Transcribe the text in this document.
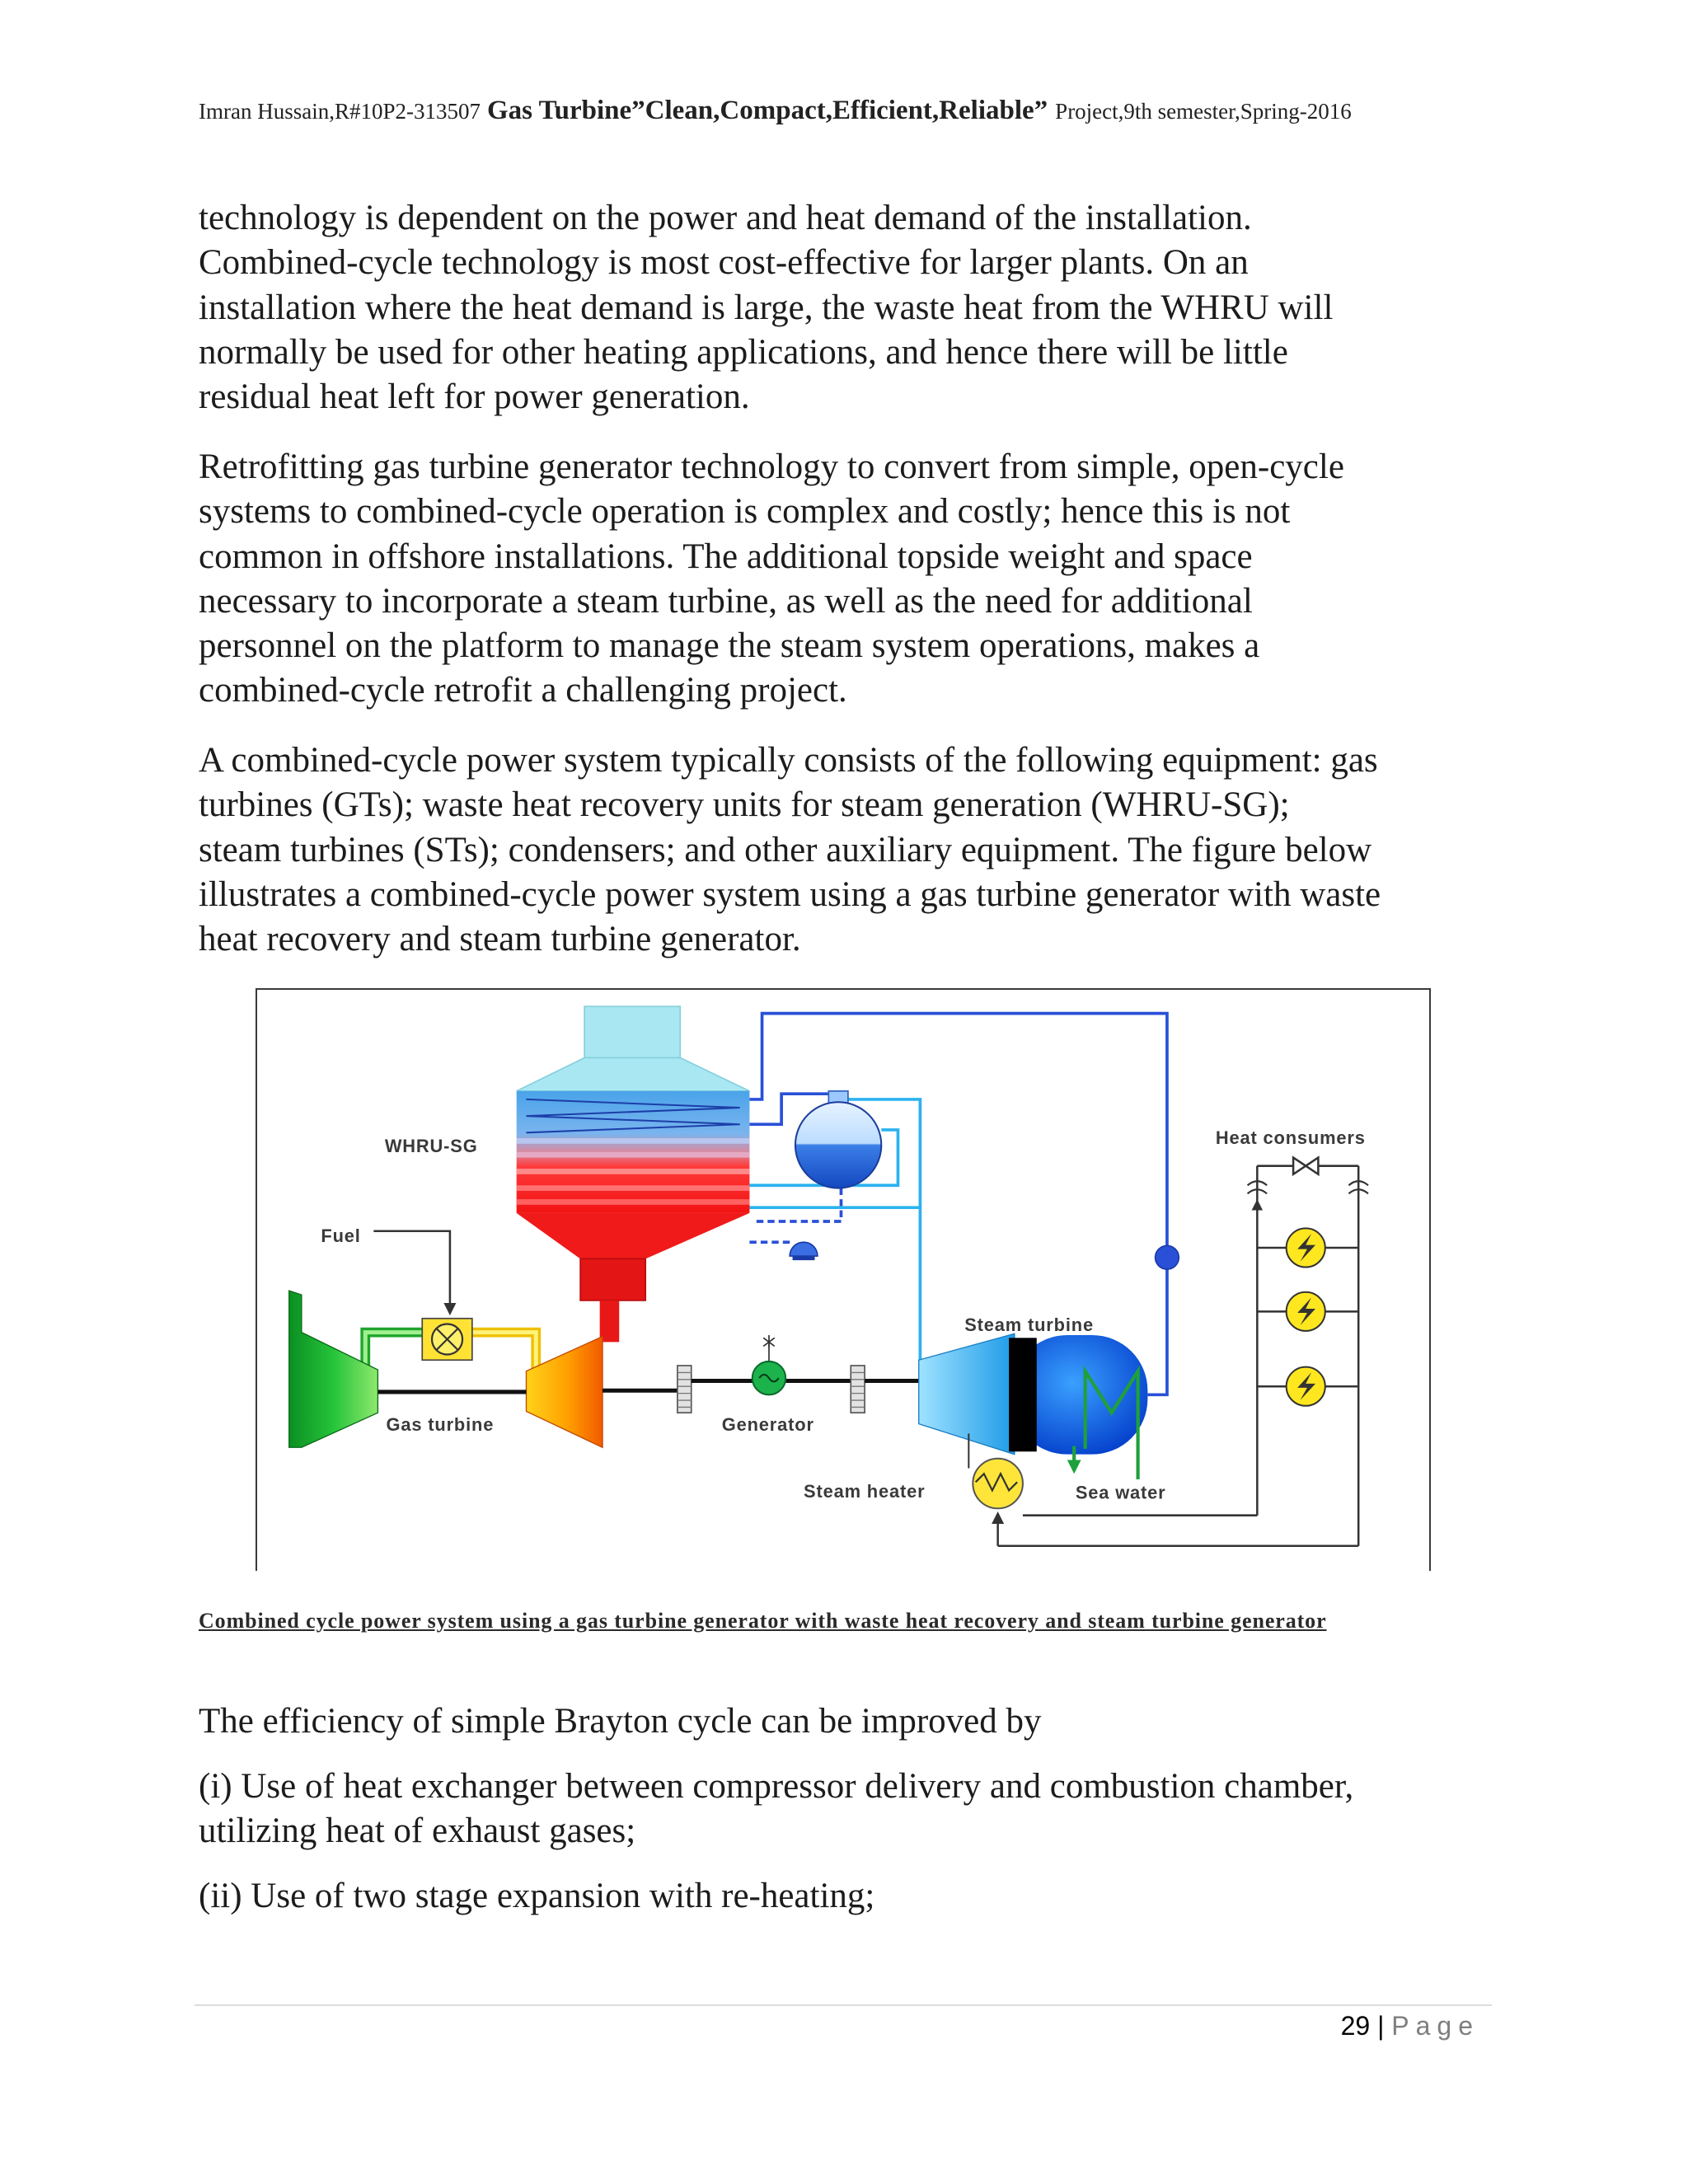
Imran Hussain,R#10P2-313507 Gas Turbine”Clean,Compact,Efficient,Reliable” Project,9th semester,Spring-2016
technology is dependent on the power and heat demand of the installation.
Combined-cycle technology is most cost-effective for larger plants. On an
installation where the heat demand is large, the waste heat from the WHRU will
normally be used for other heating applications, and hence there will be little
residual heat left for power generation.
Retrofitting gas turbine generator technology to convert from simple, open-cycle
systems to combined-cycle operation is complex and costly; hence this is not
common in offshore installations. The additional topside weight and space
necessary to incorporate a steam turbine, as well as the need for additional
personnel on the platform to manage the steam system operations, makes a
combined-cycle retrofit a challenging project.
A combined-cycle power system typically consists of the following equipment: gas
turbines (GTs); waste heat recovery units for steam generation (WHRU-SG);
steam turbines (STs); condensers; and other auxiliary equipment. The figure below
illustrates a combined-cycle power system using a gas turbine generator with waste
heat recovery and steam turbine generator.
WHRU-SG	Heat consumers
Fuel
Steam turbine
Gas turbine	Generator
Steam heater	Sea water
Combined cycle power system using a gas turbine generator with waste heat recovery and steam turbine generator
The efficiency of simple Brayton cycle can be improved by
(i) Use of heat exchanger between compressor delivery and combustion chamber,
utilizing heat of exhaust gases;
(ii) Use of two stage expansion with re-heating;
29 | Page
